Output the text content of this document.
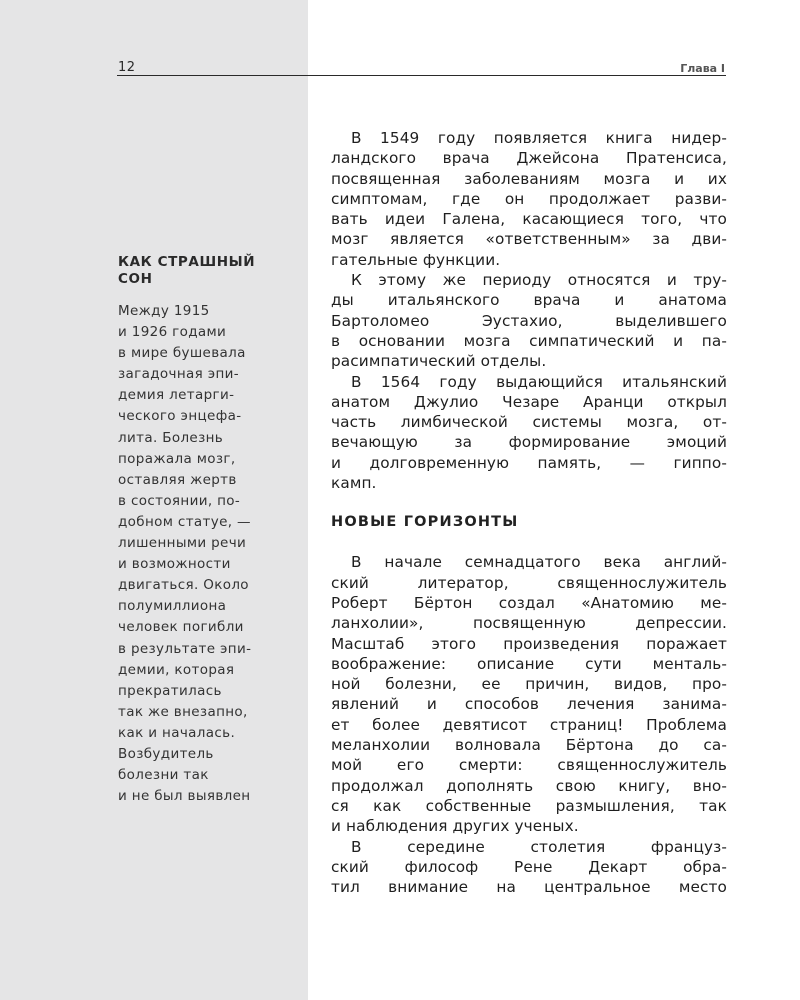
12	Глава I
КАК СТРАШНЫЙ
СОН

Между 1915
и 1926 годами
в мире бушевала
загадочная эпи-
демия летарги-
ческого энцефа-
лита. Болезнь
поражала мозг,
оставляя жертв
в состоянии, по-
добном статуе, —
лишенными речи
и возможности
двигаться. Около
полумиллиона
человек погибли
в результате эпи-
демии, которая
прекратилась
так же внезапно,
как и началась.
Возбудитель
болезни так
и не был выявлен

В 1549 году появляется книга нидер-
ландского врача Джейсона Пратенсиса,
посвященная заболеваниям мозга и их
симптомам, где он продолжает разви-
вать идеи Галена, касающиеся того, что
мозг является «ответственным» за дви-
гательные функции.

К этому же периоду относятся и тру-
ды итальянского врача и анатома
Бартоломео Эустахио, выделившего
в основании мозга симпатический и па-
расимпатический отделы.

В 1564 году выдающийся итальянский
анатом Джулио Чезаре Аранци открыл
часть лимбической системы мозга, от-
вечающую за формирование эмоций
и долговременную память, — гиппо-
камп.

НОВЫЕ ГОРИЗОНТЫ

В начале семнадцатого века англий-
ский литератор, священнослужитель
Роберт Бёртон создал «Анатомию ме-
ланхолии», посвященную депрессии.
Масштаб этого произведения поражает
воображение: описание сути менталь-
ной болезни, ее причин, видов, про-
явлений и способов лечения занима-
ет более девятисот страниц! Проблема
меланхолии волновала Бёртона до са-
мой его смерти: священнослужитель
продолжал дополнять свою книгу, вно-
ся как собственные размышления, так
и наблюдения других ученых.

В середине столетия француз-
ский философ Рене Декарт обра-
тил внимание на центральное место
